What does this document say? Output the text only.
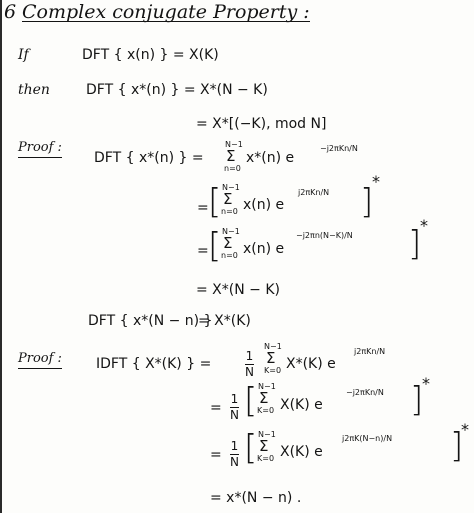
6 Complex conjugate Property :
If	DFT { x(n) } = X(K)
then	DFT { x*(n) } = X*(N − K)
= X*[(−K), mod N]
Proof :
DFT { x*(n) } =
N−1
Σ
n=0
x*(n) e
−j2πKn/N
= [ N−1
Σ
n=0 x(n) e
j2πKn/N ]
*
= [ N−1
Σ
n=0 x(n) e
−j2πn(N−K)/N ]
*
= X*(N − K)
DFT { x*(N − n) }
= X*(K)
Proof : IDFT { X*(K) } =	1
N
N−1
Σ
K=0 X*(K) e
j2πKn/N
=
1
N [ N−1
Σ
K=0 X(K) e
−j2πKn/N ]
*
=
1
N [ N−1
Σ
K=0 X(K) e
j2πK(N−n)/N ]
*
= x*(N − n) .
